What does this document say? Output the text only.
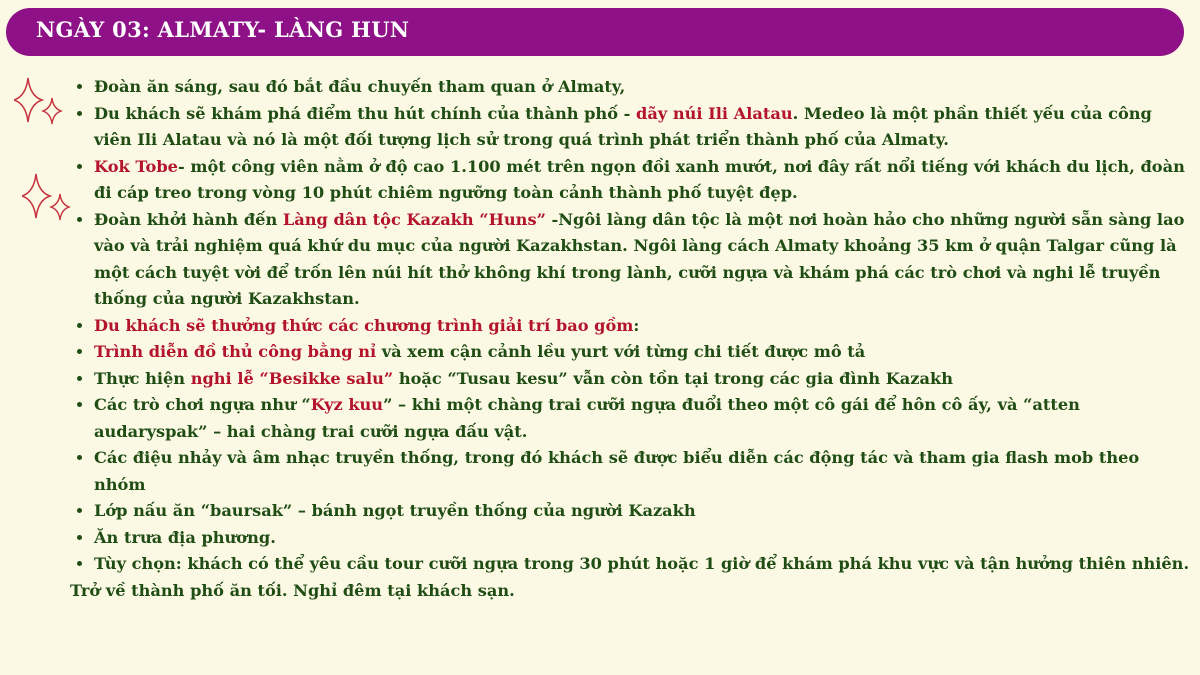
NGÀY 03: ALMATY- LÀNG HUN
• Đoàn ăn sáng, sau đó bắt đầu chuyến tham quan ở Almaty,
• Du khách sẽ khám phá điểm thu hút chính của thành phố - dãy núi Ili Alatau. Medeo là một phần thiết yếu của công viên Ili Alatau và nó là một đối tượng lịch sử trong quá trình phát triển thành phố của Almaty.
• Kok Tobe- một công viên nằm ở độ cao 1.100 mét trên ngọn đồi xanh mướt, nơi đây rất nổi tiếng với khách du lịch, đoàn đi cáp treo trong vòng 10 phút chiêm ngưỡng toàn cảnh thành phố tuyệt đẹp.
• Đoàn khởi hành đến Làng dân tộc Kazakh “Huns” -Ngôi làng dân tộc là một nơi hoàn hảo cho những người sẵn sàng lao vào và trải nghiệm quá khứ du mục của người Kazakhstan. Ngôi làng cách Almaty khoảng 35 km ở quận Talgar cũng là một cách tuyệt vời để trốn lên núi hít thở không khí trong lành, cưỡi ngựa và khám phá các trò chơi và nghi lễ truyền thống của người Kazakhstan.
• Du khách sẽ thưởng thức các chương trình giải trí bao gồm:
• Trình diễn đồ thủ công bằng nỉ và xem cận cảnh lều yurt với từng chi tiết được mô tả
• Thực hiện nghi lễ “Besikke salu” hoặc “Tusau kesu” vẫn còn tồn tại trong các gia đình Kazakh
• Các trò chơi ngựa như “Kyz kuu” – khi một chàng trai cưỡi ngựa đuổi theo một cô gái để hôn cô ấy, và “atten audaryspak” – hai chàng trai cưỡi ngựa đấu vật.
• Các điệu nhảy và âm nhạc truyền thống, trong đó khách sẽ được biểu diễn các động tác và tham gia flash mob theo nhóm
• Lớp nấu ăn “baursak” – bánh ngọt truyền thống của người Kazakh
• Ăn trưa địa phương.
• Tùy chọn: khách có thể yêu cầu tour cưỡi ngựa trong 30 phút hoặc 1 giờ để khám phá khu vực và tận hưởng thiên nhiên.
Trở về thành phố ăn tối. Nghỉ đêm tại khách sạn.
